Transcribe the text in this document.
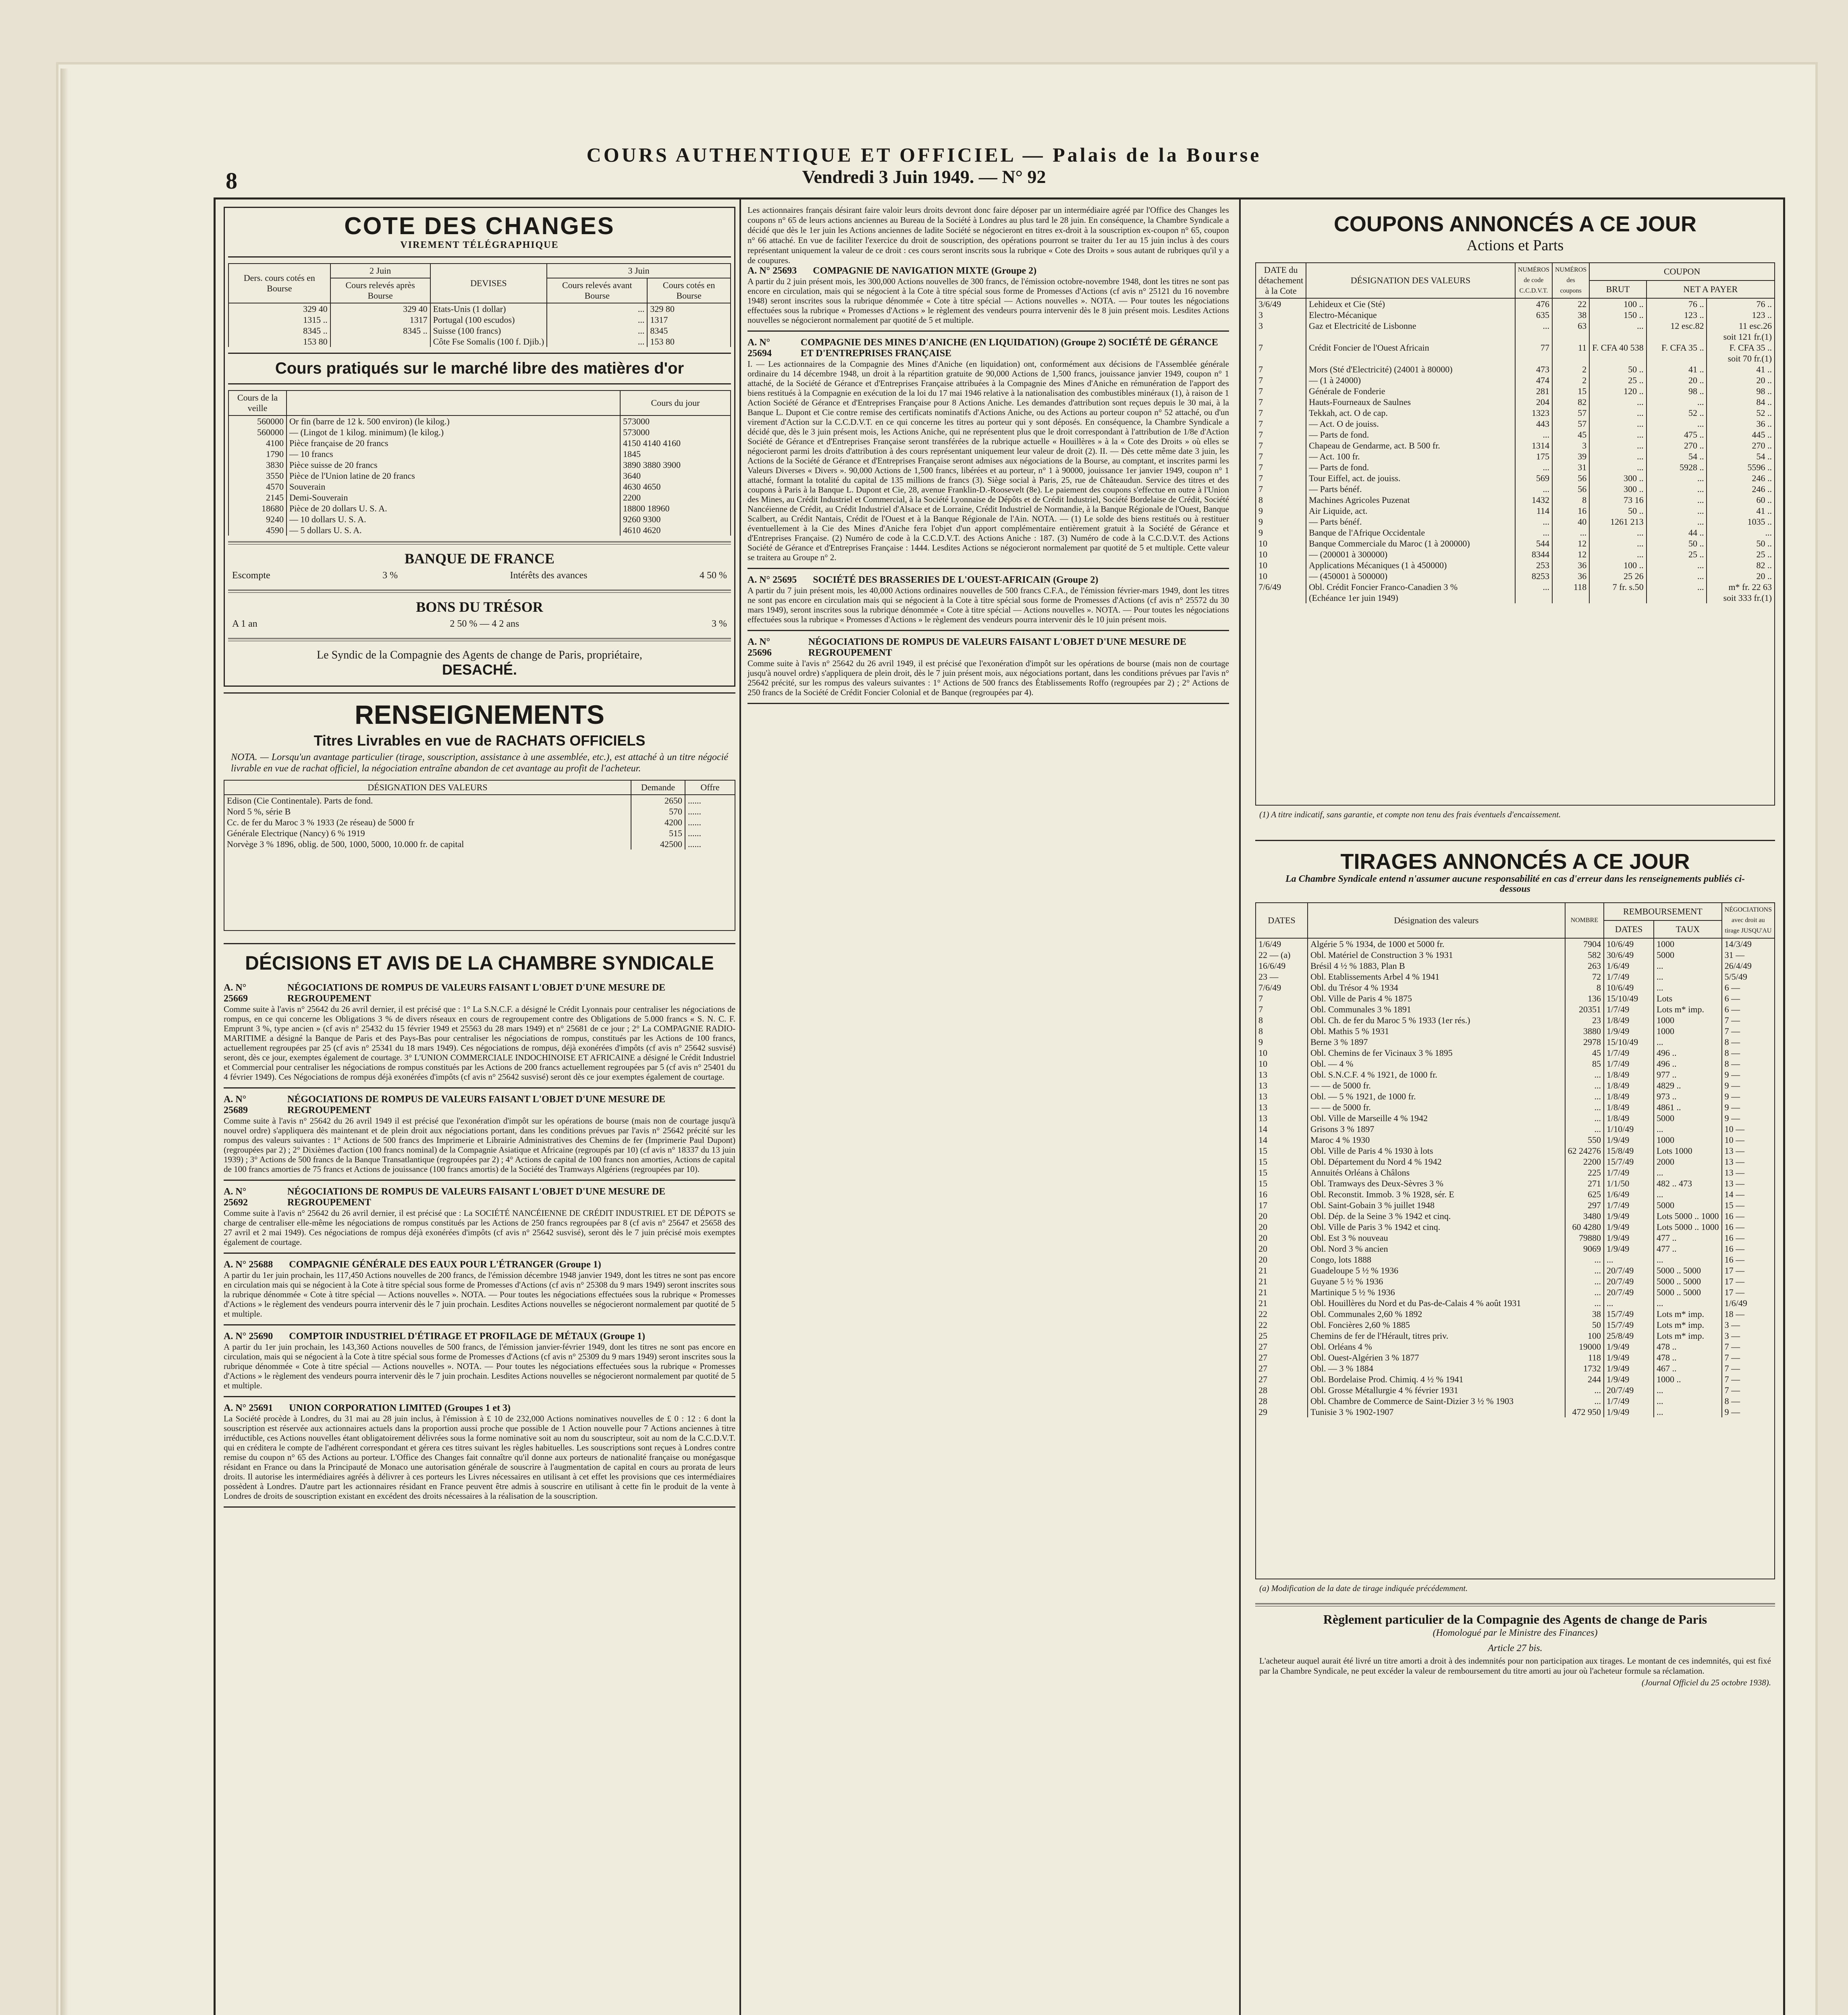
8
COURS AUTHENTIQUE ET OFFICIEL — Palais de la Bourse
Vendredi 3 Juin 1949. — N° 92
COTE DES CHANGES
VIREMENT TÉLÉGRAPHIQUE
Ders. cours cotés en Bourse	2 Juin	DEVISES	3 Juin	
	Cours relevés après Bourse		Cours relevés avant Bourse	Cours cotés en Bourse
329 40	329 40	Etats-Unis (1 dollar)	...	329 80
1315 ..	1317	Portugal (100 escudos)	...	1317
8345 ..	8345 ..	Suisse (100 francs)	...	8345
153 80		Côte Fse Somalis (100 f. Djib.)	...	153 80
Cours pratiqués sur le marché libre des matières d'or
Cours de la veille		Cours du jour
560000	Or fin (barre de 12 k. 500 environ) (le kilog.)	573000
560000	— (Lingot de 1 kilog. minimum) (le kilog.)	573000
4100	Pièce française de 20 francs	4150 4140 4160
1790	— 10 francs	1845
3830	Pièce suisse de 20 francs	3890 3880 3900
3550	Pièce de l'Union latine de 20 francs	3640
4570	Souverain	4630 4650
2145	Demi-Souverain	2200
18680	Pièce de 20 dollars U. S. A.	18800 18960
9240	— 10 dollars U. S. A.	9260 9300
4590	— 5 dollars U. S. A.	4610 4620
BANQUE DE FRANCE
Escompte	3 %	Intérêts des avances	4 50 %
BONS DU TRÉSOR
A 1 an	2 50 % — 4 2 ans	3 %
Le Syndic de la Compagnie des Agents de change de Paris, propriétaire,
DESACHÉ.
RENSEIGNEMENTS
Titres Livrables en vue de RACHATS OFFICIELS
NOTA. — Lorsqu'un avantage particulier (tirage, souscription, assistance à une assemblée, etc.), est attaché à un titre négocié livrable en vue de rachat officiel, la négociation entraîne abandon de cet avantage au profit de l'acheteur.
DÉSIGNATION DES VALEURS	Demande	Offre
Edison (Cie Continentale). Parts de fond.	2650	......
Nord 5 %, série B	570	......
Cc. de fer du Maroc 3 % 1933 (2e réseau) de 5000 fr	4200	......
Générale Electrique (Nancy) 6 % 1919	515	......
Norvège 3 % 1896, oblig. de 500, 1000, 5000, 10.000 fr. de capital	42500	......
DÉCISIONS ET AVIS DE LA CHAMBRE SYNDICALE
A. N° 25669
NÉGOCIATIONS DE ROMPUS DE VALEURS FAISANT L'OBJET D'UNE MESURE DE REGROUPEMENT
Comme suite à l'avis n° 25642 du 26 avril dernier, il est précisé que : 1° La S.N.C.F. a désigné le Crédit Lyonnais pour centraliser les négociations de rompus, en ce qui concerne les Obligations 3 % de divers réseaux en cours de regroupement contre des Obligations de 5.000 francs « S. N. C. F. Emprunt 3 %, type ancien » (cf avis n° 25432 du 15 février 1949 et 25563 du 28 mars 1949) et n° 25681 de ce jour ; 2° La COMPAGNIE RADIO-MARITIME a désigné la Banque de Paris et des Pays-Bas pour centraliser les négociations de rompus, constitués par les Actions de 100 francs, actuellement regroupées par 25 (cf avis n° 25341 du 18 mars 1949). Ces négociations de rompus, déjà exonérées d'impôts (cf avis n° 25642 susvisé) seront, dès ce jour, exemptes également de courtage. 3° L'UNION COMMERCIALE INDOCHINOISE ET AFRICAINE a désigné le Crédit Industriel et Commercial pour centraliser les négociations de rompus constitués par les Actions de 200 francs actuellement regroupées par 5 (cf avis n° 25401 du 4 février 1949). Ces Négociations de rompus déjà exonérées d'impôts (cf avis n° 25642 susvisé) seront dès ce jour exemptes également de courtage.
A. N° 25689
NÉGOCIATIONS DE ROMPUS DE VALEURS FAISANT L'OBJET D'UNE MESURE DE REGROUPEMENT
Comme suite à l'avis n° 25642 du 26 avril 1949 il est précisé que l'exonération d'impôt sur les opérations de bourse (mais non de courtage jusqu'à nouvel ordre) s'appliquera dès maintenant et de plein droit aux négociations portant, dans les conditions prévues par l'avis n° 25642 précité sur les rompus des valeurs suivantes : 1° Actions de 500 francs des Imprimerie et Librairie Administratives des Chemins de fer (Imprimerie Paul Dupont) (regroupées par 2) ; 2° Dixièmes d'action (100 francs nominal) de la Compagnie Asiatique et Africaine (regroupés par 10) (cf avis n° 18337 du 13 juin 1939) ; 3° Actions de 500 francs de la Banque Transatlantique (regroupées par 2) ; 4° Actions de capital de 100 francs non amorties, Actions de capital de 100 francs amorties de 75 francs et Actions de jouissance (100 francs amortis) de la Société des Tramways Algériens (regroupées par 10).
A. N° 25692
NÉGOCIATIONS DE ROMPUS DE VALEURS FAISANT L'OBJET D'UNE MESURE DE REGROUPEMENT
Comme suite à l'avis n° 25642 du 26 avril dernier, il est précisé que : La SOCIÉTÉ NANCÉIENNE DE CRÉDIT INDUSTRIEL ET DE DÉPOTS se charge de centraliser elle-même les négociations de rompus constitués par les Actions de 250 francs regroupées par 8 (cf avis n° 25647 et 25658 des 27 avril et 2 mai 1949). Ces négociations de rompus déjà exonérées d'impôts (cf avis n° 25642 susvisé), seront dès le 7 juin précisé mois exemptes également de courtage.
A. N° 25688 COMPAGNIE GÉNÉRALE DES EAUX POUR L'ÉTRANGER (Groupe 1)
A partir du 1er juin prochain, les 117,450 Actions nouvelles de 200 francs, de l'émission décembre 1948 janvier 1949, dont les titres ne sont pas encore en circulation mais qui se négocient à la Cote à titre spécial sous forme de Promesses d'Actions (cf avis n° 25308 du 9 mars 1949) seront inscrites sous la rubrique dénommée « Cote à titre spécial — Actions nouvelles ». NOTA. — Pour toutes les négociations effectuées sous la rubrique « Promesses d'Actions » le règlement des vendeurs pourra intervenir dès le 7 juin prochain. Lesdites Actions nouvelles se négocieront normalement par quotité de 5 et multiple.
A. N° 25690 COMPTOIR INDUSTRIEL D'ÉTIRAGE ET PROFILAGE DE MÉTAUX (Groupe 1)
A partir du 1er juin prochain, les 143,360 Actions nouvelles de 500 francs, de l'émission janvier-février 1949, dont les titres ne sont pas encore en circulation, mais qui se négocient à la Cote à titre spécial sous forme de Promesses d'Actions (cf avis n° 25309 du 9 mars 1949) seront inscrites sous la rubrique dénommée « Cote à titre spécial — Actions nouvelles ». NOTA. — Pour toutes les négociations effectuées sous la rubrique « Promesses d'Actions » le règlement des vendeurs pourra intervenir dès le 7 juin prochain. Lesdites Actions nouvelles se négocieront normalement par quotité de 5 et multiple.
A. N° 25691 UNION CORPORATION LIMITED (Groupes 1 et 3)
La Société procède à Londres, du 31 mai au 28 juin inclus, à l'émission à £ 10 de 232,000 Actions nominatives nouvelles de £ 0 : 12 : 6 dont la souscription est réservée aux actionnaires actuels dans la proportion aussi proche que possible de 1 Action nouvelle pour 7 Actions anciennes à titre irréductible, ces Actions nouvelles étant obligatoirement délivrées sous la forme nominative soit au nom du souscripteur, soit au nom de la C.C.D.V.T. qui en créditera le compte de l'adhérent correspondant et gérera ces titres suivant les règles habituelles. Les souscriptions sont reçues à Londres contre remise du coupon n° 65 des Actions au porteur. L'Office des Changes fait connaître qu'il donne aux porteurs de nationalité française ou monégasque résidant en France ou dans la Principauté de Monaco une autorisation générale de souscrire à l'augmentation de capital en cours au prorata de leurs droits. Il autorise les intermédiaires agréés à délivrer à ces porteurs les Livres nécessaires en utilisant à cet effet les provisions que ces intermédiaires possèdent à Londres. D'autre part les actionnaires résidant en France peuvent être admis à souscrire en utilisant à cette fin le produit de la vente à Londres de droits de souscription existant en excédent des droits nécessaires à la réalisation de la souscription.
Les actionnaires français désirant faire valoir leurs droits devront donc faire déposer par un intermédiaire agréé par l'Office des Changes les coupons n° 65 de leurs actions anciennes au Bureau de la Société à Londres au plus tard le 28 juin. En conséquence, la Chambre Syndicale a décidé que dès le 1er juin les Actions anciennes de ladite Société se négocieront en titres ex-droit à la souscription ex-coupon n° 65, coupon n° 66 attaché. En vue de faciliter l'exercice du droit de souscription, des opérations pourront se traiter du 1er au 15 juin inclus à des cours représentant uniquement la valeur de ce droit : ces cours seront inscrits sous la rubrique « Cote des Droits » sous autant de rubriques qu'il y a de coupures.
A. N° 25693 COMPAGNIE DE NAVIGATION MIXTE (Groupe 2)
A partir du 2 juin présent mois, les 300,000 Actions nouvelles de 300 francs, de l'émission octobre-novembre 1948, dont les titres ne sont pas encore en circulation, mais qui se négocient à la Cote à titre spécial sous forme de Promesses d'Actions (cf avis n° 25121 du 16 novembre 1948) seront inscrites sous la rubrique dénommée « Cote à titre spécial — Actions nouvelles ». NOTA. — Pour toutes les négociations effectuées sous la rubrique « Promesses d'Actions » le règlement des vendeurs pourra intervenir dès le 8 juin présent mois. Lesdites Actions nouvelles se négocieront normalement par quotité de 5 et multiple.
A. N° 25694
COMPAGNIE DES MINES D'ANICHE (EN LIQUIDATION) (Groupe 2) SOCIÉTÉ DE GÉRANCE ET D'ENTREPRISES FRANÇAISE
I. — Les actionnaires de la Compagnie des Mines d'Aniche (en liquidation) ont, conformément aux décisions de l'Assemblée générale ordinaire du 14 décembre 1948, un droit à la répartition gratuite de 90,000 Actions de 1,500 francs, jouissance janvier 1949, coupon n° 1 attaché, de la Société de Gérance et d'Entreprises Française attribuées à la Compagnie des Mines d'Aniche en rémunération de l'apport des biens restitués à la Compagnie en exécution de la loi du 17 mai 1946 relative à la nationalisation des combustibles minéraux (1), à raison de 1 Action Société de Gérance et d'Entreprises Française pour 8 Actions Aniche. Les demandes d'attribution sont reçues depuis le 30 mai, à la Banque L. Dupont et Cie contre remise des certificats nominatifs d'Actions Aniche, ou des Actions au porteur coupon n° 52 attaché, ou d'un virement d'Action sur la C.C.D.V.T. en ce qui concerne les titres au porteur qui y sont déposés. En conséquence, la Chambre Syndicale a décidé que, dès le 3 juin présent mois, les Actions Aniche, qui ne représentent plus que le droit correspondant à l'attribution de 1/8e d'Action Société de Gérance et d'Entreprises Française seront transférées de la rubrique actuelle « Houillères » à la « Cote des Droits » où elles se négocieront parmi les droits d'attribution à des cours représentant uniquement leur valeur de droit (2). II. — Dès cette même date 3 juin, les Actions de la Société de Gérance et d'Entreprises Française seront admises aux négociations de la Bourse, au comptant, et inscrites parmi les Valeurs Diverses « Divers ». 90,000 Actions de 1,500 francs, libérées et au porteur, n° 1 à 90000, jouissance 1er janvier 1949, coupon n° 1 attaché, formant la totalité du capital de 135 millions de francs (3). Siège social à Paris, 25, rue de Châteaudun. Service des titres et des coupons à Paris à la Banque L. Dupont et Cie, 28, avenue Franklin-D.-Roosevelt (8e). Le paiement des coupons s'effectue en outre à l'Union des Mines, au Crédit Industriel et Commercial, à la Société Lyonnaise de Dépôts et de Crédit Industriel, Société Bordelaise de Crédit, Société Nancéienne de Crédit, au Crédit Industriel d'Alsace et de Lorraine, Crédit Industriel de Normandie, à la Banque Régionale de l'Ouest, Banque Scalbert, au Crédit Nantais, Crédit de l'Ouest et à la Banque Régionale de l'Ain. NOTA. — (1) Le solde des biens restitués ou à restituer éventuellement à la Cie des Mines d'Aniche fera l'objet d'un apport complémentaire entièrement gratuit à la Société de Gérance et d'Entreprises Française. (2) Numéro de code à la C.C.D.V.T. des Actions Aniche : 187. (3) Numéro de code à la C.C.D.V.T. des Actions Société de Gérance et d'Entreprises Française : 1444. Lesdites Actions se négocieront normalement par quotité de 5 et multiple. Cette valeur se traitera au Groupe n° 2.
A. N° 25695 SOCIÉTÉ DES BRASSERIES DE L'OUEST-AFRICAIN (Groupe 2)
A partir du 7 juin présent mois, les 40,000 Actions ordinaires nouvelles de 500 francs C.F.A., de l'émission février-mars 1949, dont les titres ne sont pas encore en circulation mais qui se négocient à la Cote à titre spécial sous forme de Promesses d'Actions (cf avis n° 25572 du 30 mars 1949), seront inscrites sous la rubrique dénommée « Cote à titre spécial — Actions nouvelles ». NOTA. — Pour toutes les négociations effectuées sous la rubrique « Promesses d'Actions » le règlement des vendeurs pourra intervenir dès le 10 juin présent mois.
A. N° 25696
NÉGOCIATIONS DE ROMPUS DE VALEURS FAISANT L'OBJET D'UNE MESURE DE REGROUPEMENT
Comme suite à l'avis n° 25642 du 26 avril 1949, il est précisé que l'exonération d'impôt sur les opérations de bourse (mais non de courtage jusqu'à nouvel ordre) s'appliquera de plein droit, dès le 7 juin présent mois, aux négociations portant, dans les conditions prévues par l'avis n° 25642 précité, sur les rompus des valeurs suivantes : 1° Actions de 500 francs des Établissements Roffo (regroupées par 2) ; 2° Actions de 250 francs de la Société de Crédit Foncier Colonial et de Banque (regroupées par 4).
COUPONS ANNONCÉS A CE JOUR
Actions et Parts
DATE du détachement à la Cote	DÉSIGNATION DES VALEURS	NUMÉROS de code C.C.D.V.T.	NUMÉROS des coupons	COUPON		
				BRUT	NET A PAYER	
3/6/49	Lehideux et Cie (Sté)	476	22	100 ..	76 ..	76 ..
3	Electro-Mécanique	635	38	150 ..	123 ..	123 ..
3	Gaz et Electricité de Lisbonne	...	63	...	12 esc.82	11 esc.26
						soit 121 fr.(1)
7	Crédit Foncier de l'Ouest Africain	77	11	F. CFA 40 538	F. CFA 35 ..	F. CFA 35 ..
						soit 70 fr.(1)
7	Mors (Sté d'Electricité) (24001 à 80000)	473	2	50 ..	41 ..	41 ..
7	— (1 à 24000)	474	2	25 ..	20 ..	20 ..
7	Générale de Fonderie	281	15	120 ..	98 ..	98 ..
7	Hauts-Fourneaux de Saulnes	204	82	...	...	84 ..
7	Tekkah, act. O de cap.	1323	57	...	52 ..	52 ..
7	— Act. O de jouiss.	443	57	...	...	36 ..
7	— Parts de fond.	...	45	...	475 ..	445 ..
7	Chapeau de Gendarme, act. B 500 fr.	1314	3	...	270 ..	270 ..
7	— Act. 100 fr.	175	39	...	54 ..	54 ..
7	— Parts de fond.	...	31	...	5928 ..	5596 ..
7	Tour Eiffel, act. de jouiss.	569	56	300 ..	...	246 ..
7	— Parts bénéf.	...	56	300 ..	...	246 ..
8	Machines Agricoles Puzenat	1432	8	73 16	...	60 ..
9	Air Liquide, act.	114	16	50 ..	...	41 ..
9	— Parts bénéf.	...	40	1261 213	...	1035 ..
9	Banque de l'Afrique Occidentale	...	...	...	44 ..	...
10	Banque Commerciale du Maroc (1 à 200000)	544	12	...	50 ..	50 ..
10	— (200001 à 300000)	8344	12	...	25 ..	25 ..
10	Applications Mécaniques (1 à 450000)	253	36	100 ..	...	82 ..
10	— (450001 à 500000)	8253	36	25 26	...	20 ..
7/6/49	Obl. Crédit Foncier Franco-Canadien 3 %	...	118	7 fr. s.50	...	m* fr. 22 63
	(Echéance 1er juin 1949)					soit 333 fr.(1)
(1) A titre indicatif, sans garantie, et compte non tenu des frais éventuels d'encaissement.
TIRAGES ANNONCÉS A CE JOUR
La Chambre Syndicale entend n'assumer aucune responsabilité en cas d'erreur dans les renseignements publiés ci-dessous
DATES	Désignation des valeurs	NOMBRE	REMBOURSEMENT		NÉGOCIATIONS avec droit au tirage JUSQU'AU
			DATES	TAUX	
1/6/49	Algérie 5 % 1934, de 1000 et 5000 fr.	7904	10/6/49	1000	14/3/49
22 — (a)	Obl. Matériel de Construction 3 % 1931	582	30/6/49	5000	31 —
16/6/49	Brésil 4 ½ % 1883, Plan B	263	1/6/49	...	26/4/49
23 —	Obl. Etablissements Arbel 4 % 1941	72	1/7/49	...	5/5/49
7/6/49	Obl. du Trésor 4 % 1934	8	10/6/49	...	6 —
7	Obl. Ville de Paris 4 % 1875	136	15/10/49	Lots	6 —
7	Obl. Communales 3 % 1891	20351	1/7/49	Lots m* imp.	6 —
8	Obl. Ch. de fer du Maroc 5 % 1933 (1er rés.)	23	1/8/49	1000	7 —
8	Obl. Mathis 5 % 1931	3880	1/9/49	1000	7 —
9	Berne 3 % 1897	2978	15/10/49	...	8 —
10	Obl. Chemins de fer Vicinaux 3 % 1895	45	1/7/49	496 ..	8 —
10	Obl. — 4 %	85	1/7/49	496 ..	8 —
13	Obl. S.N.C.F. 4 % 1921, de 1000 fr.	...	1/8/49	977 ..	9 —
13	— — de 5000 fr.	...	1/8/49	4829 ..	9 —
13	Obl. — 5 % 1921, de 1000 fr.	...	1/8/49	973 ..	9 —
13	— — de 5000 fr.	...	1/8/49	4861 ..	9 —
13	Obl. Ville de Marseille 4 % 1942	...	1/8/49	5000	9 —
14	Grisons 3 % 1897	...	1/10/49	...	10 —
14	Maroc 4 % 1930	550	1/9/49	1000	10 —
15	Obl. Ville de Paris 4 % 1930 à lots	62 24276	15/8/49	Lots 1000	13 —
15	Obl. Département du Nord 4 % 1942	2200	15/7/49	2000	13 —
15	Annuités Orléans à Châlons	225	1/7/49	...	13 —
15	Obl. Tramways des Deux-Sèvres 3 %	271	1/1/50	482 .. 473	13 —
16	Obl. Reconstit. Immob. 3 % 1928, sér. E	625	1/6/49	...	14 —
17	Obl. Saint-Gobain 3 % juillet 1948	297	1/7/49	5000	15 —
20	Obl. Dép. de la Seine 3 % 1942 et cinq.	3480	1/9/49	Lots 5000 .. 1000	16 —
20	Obl. Ville de Paris 3 % 1942 et cinq.	60 4280	1/9/49	Lots 5000 .. 1000	16 —
20	Obl. Est 3 % nouveau	79880	1/9/49	477 ..	16 —
20	Obl. Nord 3 % ancien	9069	1/9/49	477 ..	16 —
20	Congo, lots 1888	...	...	...	16 —
21	Guadeloupe 5 ½ % 1936	...	20/7/49	5000 .. 5000	17 —
21	Guyane 5 ½ % 1936	...	20/7/49	5000 .. 5000	17 —
21	Martinique 5 ½ % 1936	...	20/7/49	5000 .. 5000	17 —
21	Obl. Houillères du Nord et du Pas-de-Calais 4 % août 1931	...	...	...	1/6/49
22	Obl. Communales 2,60 % 1892	38	15/7/49	Lots m* imp.	18 —
22	Obl. Foncières 2,60 % 1885	50	15/7/49	Lots m* imp.	3 —
25	Chemins de fer de l'Hérault, titres priv.	100	25/8/49	Lots m* imp.	3 —
27	Obl. Orléans 4 %	19000	1/9/49	478 ..	7 —
27	Obl. Ouest-Algérien 3 % 1877	118	1/9/49	478 ..	7 —
27	Obl. — 3 % 1884	1732	1/9/49	467 ..	7 —
27	Obl. Bordelaise Prod. Chimiq. 4 ½ % 1941	244	1/9/49	1000 ..	7 —
28	Obl. Grosse Métallurgie 4 % février 1931	...	20/7/49	...	7 —
28	Obl. Chambre de Commerce de Saint-Dizier 3 ½ % 1903	...	1/7/49	...	8 —
29	Tunisie 3 % 1902-1907	472 950	1/9/49	...	9 —
(a) Modification de la date de tirage indiquée précédemment.
Règlement particulier de la Compagnie des Agents de change de Paris
(Homologué par le Ministre des Finances)
Article 27 bis.
L'acheteur auquel aurait été livré un titre amorti a droit à des indemnités pour non participation aux tirages. Le montant de ces indemnités, qui est fixé par la Chambre Syndicale, ne peut excéder la valeur de remboursement du titre amorti au jour où l'acheteur formule sa réclamation.
(Journal Officiel du 25 octobre 1938).
